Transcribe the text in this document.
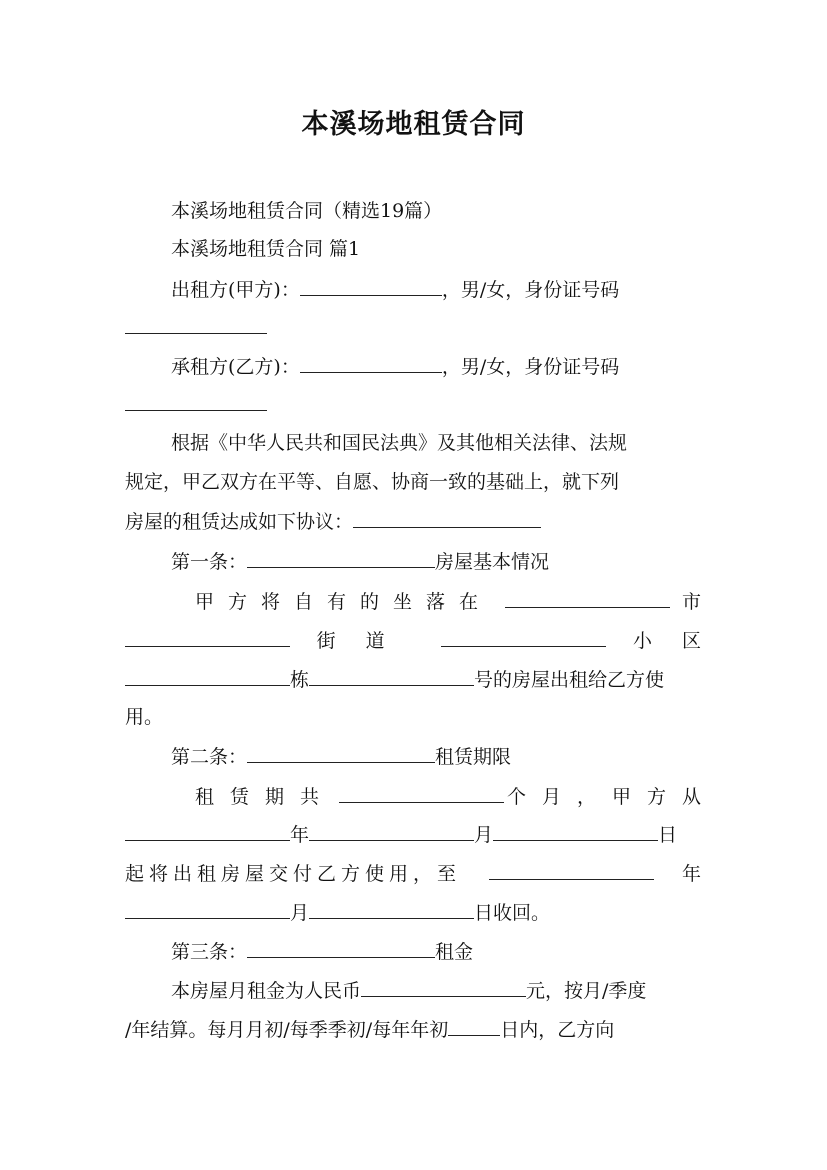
本溪场地租赁合同
本溪场地租赁合同（精选19篇）
本溪场地租赁合同 篇1
出租方(甲方)：	，男/女，身份证号码
承租方(乙方)：	，男/女，身份证号码
根据《中华人民共和国民法典》及其他相关法律、法规
规定，甲乙双方在平等、自愿、协商一致的基础上，就下列
房屋的租赁达成如下协议：
第一条：	房屋基本情况
甲方将自有的坐落在	市
街道	小区
栋	号的房屋出租给乙方使
用。
第二条：	租赁期限
租赁期共	个月，甲方从
年	月	日
起将出租房屋交付乙方使用，至	年
月	日收回。
第三条：	租金
本房屋月租金为人民币	元，按月/季度
/年结算。每月月初/每季季初/每年年初	日内，乙方向
